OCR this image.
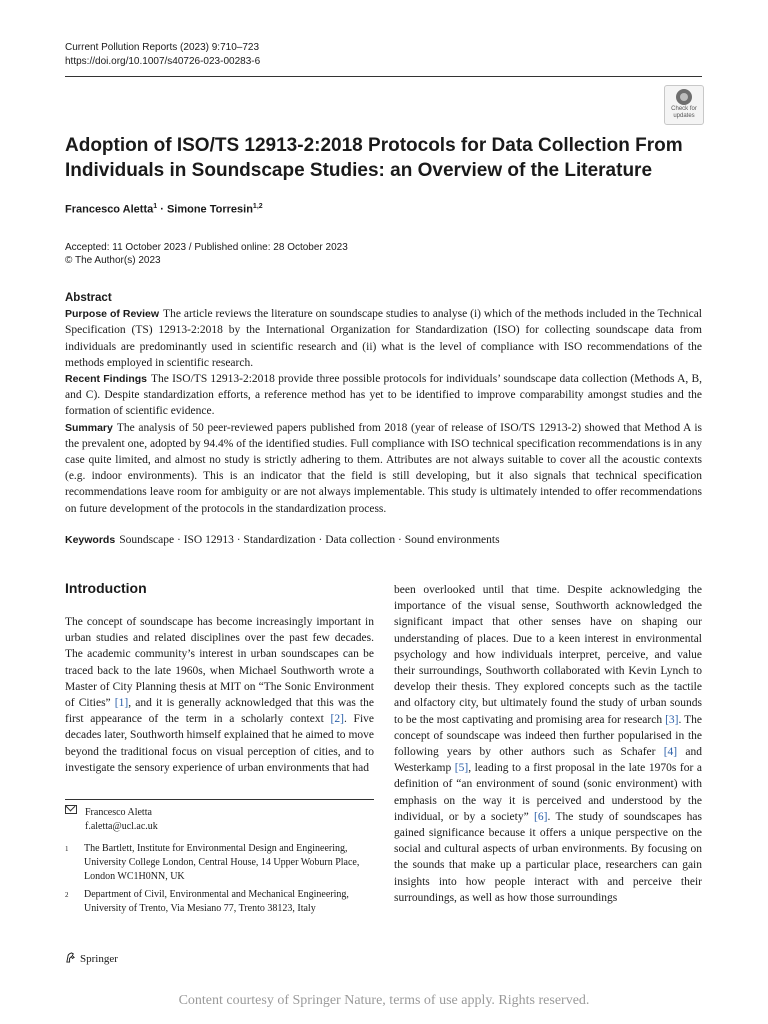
Current Pollution Reports (2023) 9:710–723
https://doi.org/10.1007/s40726-023-00283-6
Check for
updates
Adoption of ISO/TS 12913-2:2018 Protocols for Data Collection From Individuals in Soundscape Studies: an Overview of the Literature
Francesco Aletta$^1$ · Simone Torresin$^{1,2}$
Accepted: 11 October 2023 / Published online: 28 October 2023
© The Author(s) 2023
Abstract

Purpose of Review The article reviews the literature on soundscape studies to analyse (i) which of the methods included in the Technical Specification (TS) 12913-2:2018 by the International Organization for Standardization (ISO) for collecting soundscape data from individuals are predominantly used in scientific research and (ii) what is the level of compliance with ISO recommendations of the methods employed in scientific research.

Recent Findings The ISO/TS 12913-2:2018 provide three possible protocols for individuals’ soundscape data collection (Methods A, B, and C). Despite standardization efforts, a reference method has yet to be identified to improve comparability amongst studies and the formation of scientific evidence.

Summary The analysis of 50 peer-reviewed papers published from 2018 (year of release of ISO/TS 12913-2) showed that Method A is the prevalent one, adopted by 94.4% of the identified studies. Full compliance with ISO technical specification recommendations is in any case quite limited, and almost no study is strictly adhering to them. Attributes are not always suitable to cover all the acoustic contexts (e.g. indoor environments). This is an indicator that the field is still developing, but it also signals that technical specification recommendations leave room for ambiguity or are not always implementable. This study is ultimately intended to offer recommendations on future development of the protocols in the standardization process.

Keywords Soundscape · ISO 12913 · Standardization · Data collection · Sound environments
Introduction

The concept of soundscape has become increasingly important in urban studies and related disciplines over the past few decades. The academic community’s interest in urban soundscapes can be traced back to the late 1960s, when Michael Southworth wrote a Master of City Planning thesis at MIT on “The Sonic Environment of Cities” [1], and it is generally acknowledged that this was the first appearance of the term in a scholarly context [2]. Five decades later, Southworth himself explained that he aimed to move beyond the traditional focus on visual perception of cities, and to investigate the sensory experience of urban environments that had

been overlooked until that time. Despite acknowledging the importance of the visual sense, Southworth acknowledged the significant impact that other senses have on shaping our understanding of places. Due to a keen interest in environmental psychology and how individuals interpret, perceive, and value their surroundings, Southworth collaborated with Kevin Lynch to develop their thesis. They explored concepts such as the tactile and olfactory city, but ultimately found the study of urban sounds to be the most captivating and promising area for research [3]. The concept of soundscape was indeed then further popularised in the following years by other authors such as Schafer [4] and Westerkamp [5], leading to a first proposal in the late 1970s for a definition of “an environment of sound (sonic environment) with emphasis on the way it is perceived and understood by the individual, or by a society” [6]. The study of soundscapes has gained significance because it offers a unique perspective on the social and cultural aspects of urban environments. By focusing on the sounds that make up a particular place, researchers can gain insights into how people interact with and perceive their surroundings, as well as how those surroundings

Francesco Aletta
f.aletta@ucl.ac.uk
1 The Bartlett, Institute for Environmental Design and Engineering, University College London, Central House, 14 Upper Woburn Place, London WC1H0NN, UK
2 Department of Civil, Environmental and Mechanical Engineering, University of Trento, Via Mesiano 77, Trento 38123, Italy
Springer
Content courtesy of Springer Nature, terms of use apply. Rights reserved.
